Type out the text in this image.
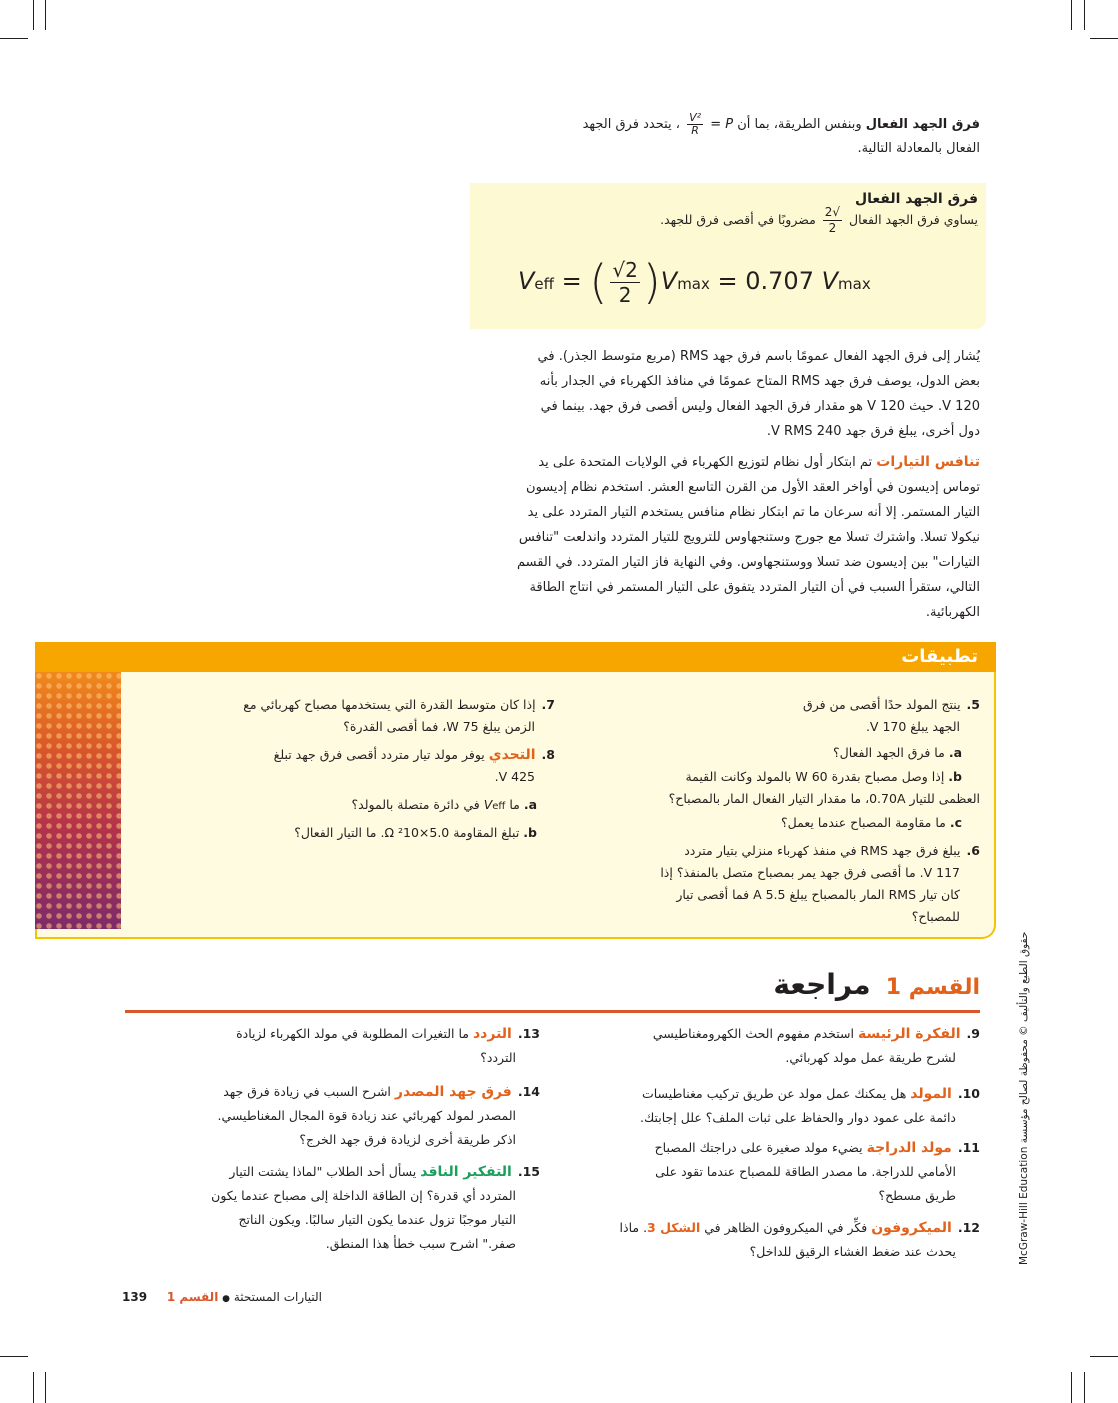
فرق الجهد الفعال وبنفس الطريقة، بما أن P =
$\frac{\text{V²}}{R}$
، يتحدد فرق الجهد

الفعال بالمعادلة التالية.

فرق الجهد الفعال
يساوي فرق الجهد الفعال
$\frac{√2}{2}$
مضروبًا في أقصى فرق للجهد.
Veff = ( $\frac{√2}{2} )Vmax = 0.707$ Vmax

يُشار إلى فرق الجهد الفعال عمومًا باسم فرق جهد RMS (مربع متوسط الجذر). في

بعض الدول، يوصف فرق جهد RMS المتاح عمومًا في منافذ الكهرباء في الجدار بأنه

120 V. حيث 120 V هو مقدار فرق الجهد الفعال وليس أقصى فرق جهد. بينما في

دول أخرى، يبلغ فرق جهد 240 V RMS.

تنافس التيارات تم ابتكار أول نظام لتوزيع الكهرباء في الولايات المتحدة على يد

توماس إديسون في أواخر العقد الأول من القرن التاسع العشر. استخدم نظام إديسون

التيار المستمر. إلا أنه سرعان ما تم ابتكار نظام منافس يستخدم التيار المتردد على يد

نيكولا تسلا. واشترك تسلا مع جورج وستنجهاوس للترويج للتيار المتردد واندلعت "تنافس

التيارات" بين إديسون ضد تسلا ووستنجهاوس. وفي النهاية فاز التيار المتردد. في القسم

التالي، ستقرأ السبب في أن التيار المتردد يتفوق على التيار المستمر في انتاج الطاقة

الكهربائية.

تطبيقات

5.ينتج المولد حدًا أقصى من فرق

الجهد يبلغ 170 V.

a. ما فرق الجهد الفعال؟

b. إذا وصل مصباح بقدرة 60 W بالمولد وكانت القيمة

العظمى للتيار 0.70A، ما مقدار التيار الفعال المار بالمصباح؟

c. ما مقاومة المصباح عندما يعمل؟

6.يبلغ فرق جهد RMS في منفذ كهرباء منزلي بتيار متردد

117 V. ما أقصى فرق جهد يمر بمصباح متصل بالمنفذ؟ إذا

كان تيار RMS المار بالمصباح يبلغ 5.5 A فما أقصى تيار

للمصباح؟

7.إذا كان متوسط القدرة التي يستخدمها مصباح كهربائي مع

الزمن يبلغ 75 W، فما أقصى القدرة؟

8.التحدي يوفر مولد تيار متردد أقصى فرق جهد تبلغ

425 V.

a. ما Veff في دائرة متصلة بالمولد؟

b. تبلغ المقاومة Ω ²10×5.0. ما التيار الفعال؟

حقوق الطبع والتأليف © محفوظة لصالح مؤسسة McGraw-Hill Education
القسم 1 مراجعة

9.الفكرة الرئيسة استخدم مفهوم الحث الكهرومغناطيسي

لشرح طريقة عمل مولد كهربائي.

10.المولد هل يمكنك عمل مولد عن طريق تركيب مغناطيسات

دائمة على عمود دوار والحفاظ على ثبات الملف؟ علل إجابتك.

11.مولد الدراجة يضيء مولد صغيرة على دراجتك المصباح

الأمامي للدراجة. ما مصدر الطاقة للمصباح عندما تقود على

طريق مسطح؟

12.الميكروفون فكِّر في الميكروفون الظاهر في الشكل 3. ماذا

يحدث عند ضغط الغشاء الرقيق للداخل؟

13.التردد ما التغيرات المطلوبة في مولد الكهرباء لزيادة

التردد؟

14.فرق جهد المصدر اشرح السبب في زيادة فرق جهد

المصدر لمولد كهربائي عند زيادة قوة المجال المغناطيسي.

اذكر طريقة أخرى لزيادة فرق جهد الخرج؟

15.التفكير الناقد يسأل أحد الطلاب "لماذا يشتت التيار

المتردد أي قدرة؟ إن الطاقة الداخلة إلى مصباح عندما يكون

التيار موجبًا تزول عندما يكون التيار سالبًا. ويكون الناتج

صفر." اشرح سبب خطأ هذا المنطق.

139	التيارات المستحثة ● القسم 1
